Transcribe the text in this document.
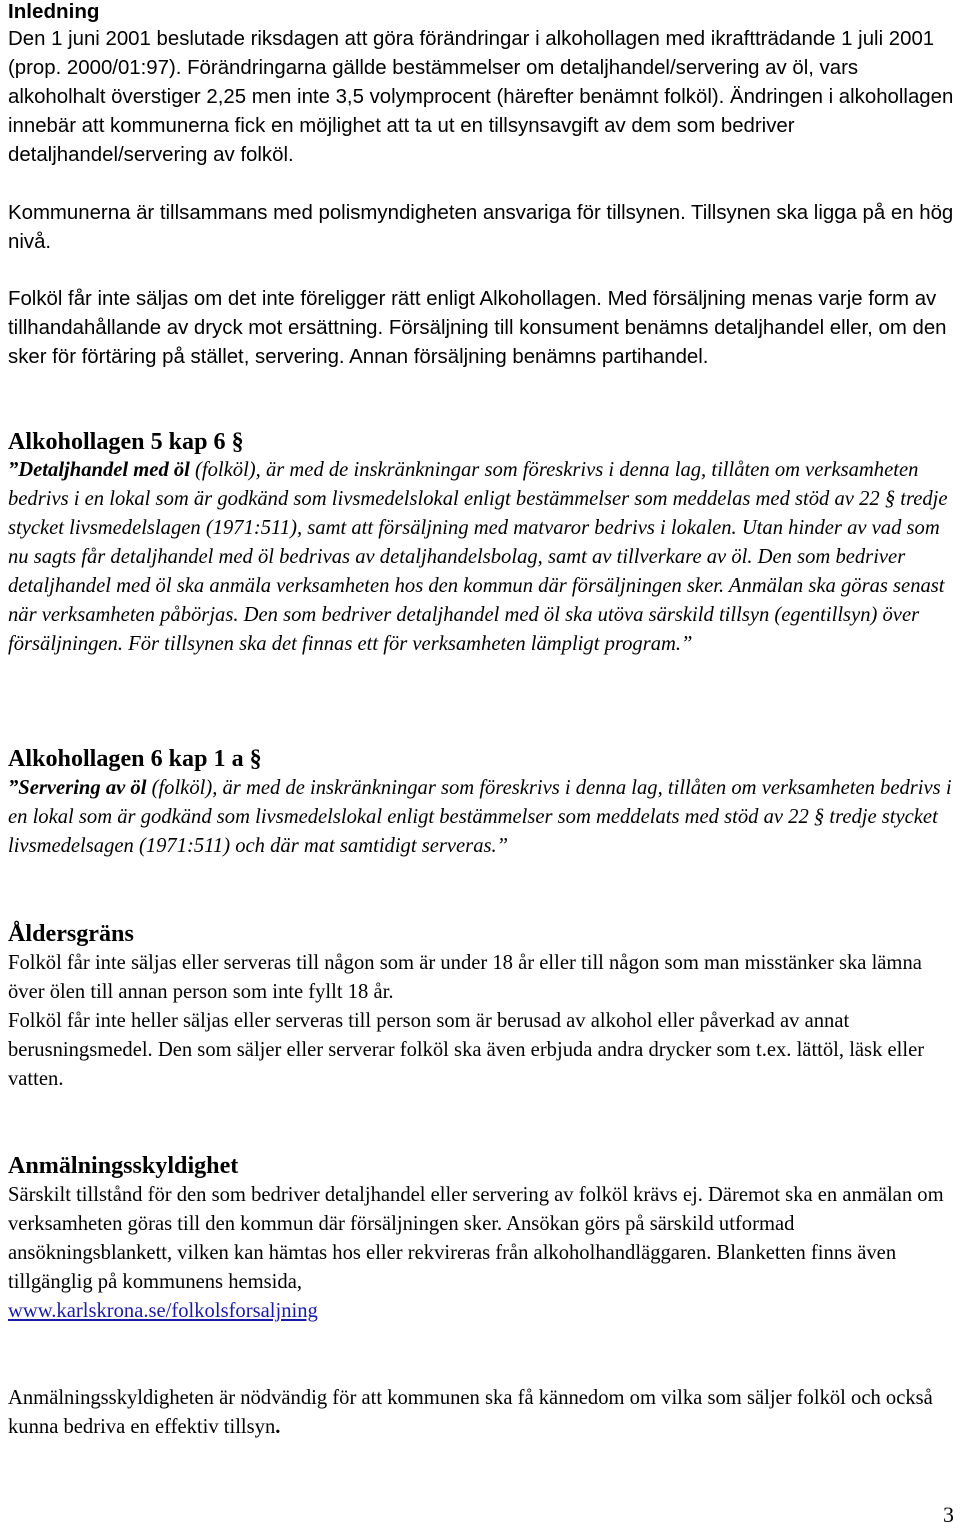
Inledning

Den 1 juni 2001 beslutade riksdagen att göra förändringar i alkohollagen med ikraftträdande 1 juli 2001 (prop. 2000/01:97). Förändringarna gällde bestämmelser om detaljhandel/servering av öl, vars alkoholhalt överstiger 2,25 men inte 3,5 volymprocent (härefter benämnt folköl). Ändringen i alkohollagen innebär att kommunerna fick en möjlighet att ta ut en tillsynsavgift av dem som bedriver detaljhandel/servering av folköl.

Kommunerna är tillsammans med polismyndigheten ansvariga för tillsynen. Tillsynen ska ligga på en hög nivå.

Folköl får inte säljas om det inte föreligger rätt enligt Alkohollagen. Med försäljning menas varje form av tillhandahållande av dryck mot ersättning. Försäljning till konsument benämns detaljhandel eller, om den sker för förtäring på stället, servering. Annan försäljning benämns partihandel.

Alkohollagen 5 kap 6 §

”Detaljhandel med öl (folköl), är med de inskränkningar som föreskrivs i denna lag, tillåten om verksamheten bedrivs i en lokal som är godkänd som livsmedelslokal enligt bestämmelser som meddelas med stöd av 22 § tredje stycket livsmedelslagen (1971:511), samt att försäljning med matvaror bedrivs i lokalen. Utan hinder av vad som nu sagts får detaljhandel med öl bedrivas av detaljhandelsbolag, samt av tillverkare av öl. Den som bedriver detaljhandel med öl ska anmäla verksamheten hos den kommun där försäljningen sker. Anmälan ska göras senast när verksamheten påbörjas. Den som bedriver detaljhandel med öl ska utöva särskild tillsyn (egentillsyn) över försäljningen. För tillsynen ska det finnas ett för verksamheten lämpligt program.”

Alkohollagen 6 kap 1 a §

”Servering av öl (folköl), är med de inskränkningar som föreskrivs i denna lag, tillåten om verksamheten bedrivs i en lokal som är godkänd som livsmedelslokal enligt bestämmelser som meddelats med stöd av 22 § tredje stycket livsmedelsagen (1971:511) och där mat samtidigt serveras.”

Åldersgräns

Folköl får inte säljas eller serveras till någon som är under 18 år eller till någon som man misstänker ska lämna över ölen till annan person som inte fyllt 18 år.

Folköl får inte heller säljas eller serveras till person som är berusad av alkohol eller påverkad av annat berusningsmedel. Den som säljer eller serverar folköl ska även erbjuda andra drycker som t.ex. lättöl, läsk eller vatten.

Anmälningsskyldighet

Särskilt tillstånd för den som bedriver detaljhandel eller servering av folköl krävs ej. Däremot ska en anmälan om verksamheten göras till den kommun där försäljningen sker. Ansökan görs på särskild utformad ansökningsblankett, vilken kan hämtas hos eller rekvireras från alkoholhandläggaren. Blanketten finns även tillgänglig på kommunens hemsida,
www.karlskrona.se/folkolsforsaljning

Anmälningsskyldigheten är nödvändig för att kommunen ska få kännedom om vilka som säljer folköl och också kunna bedriva en effektiv tillsyn.

3
